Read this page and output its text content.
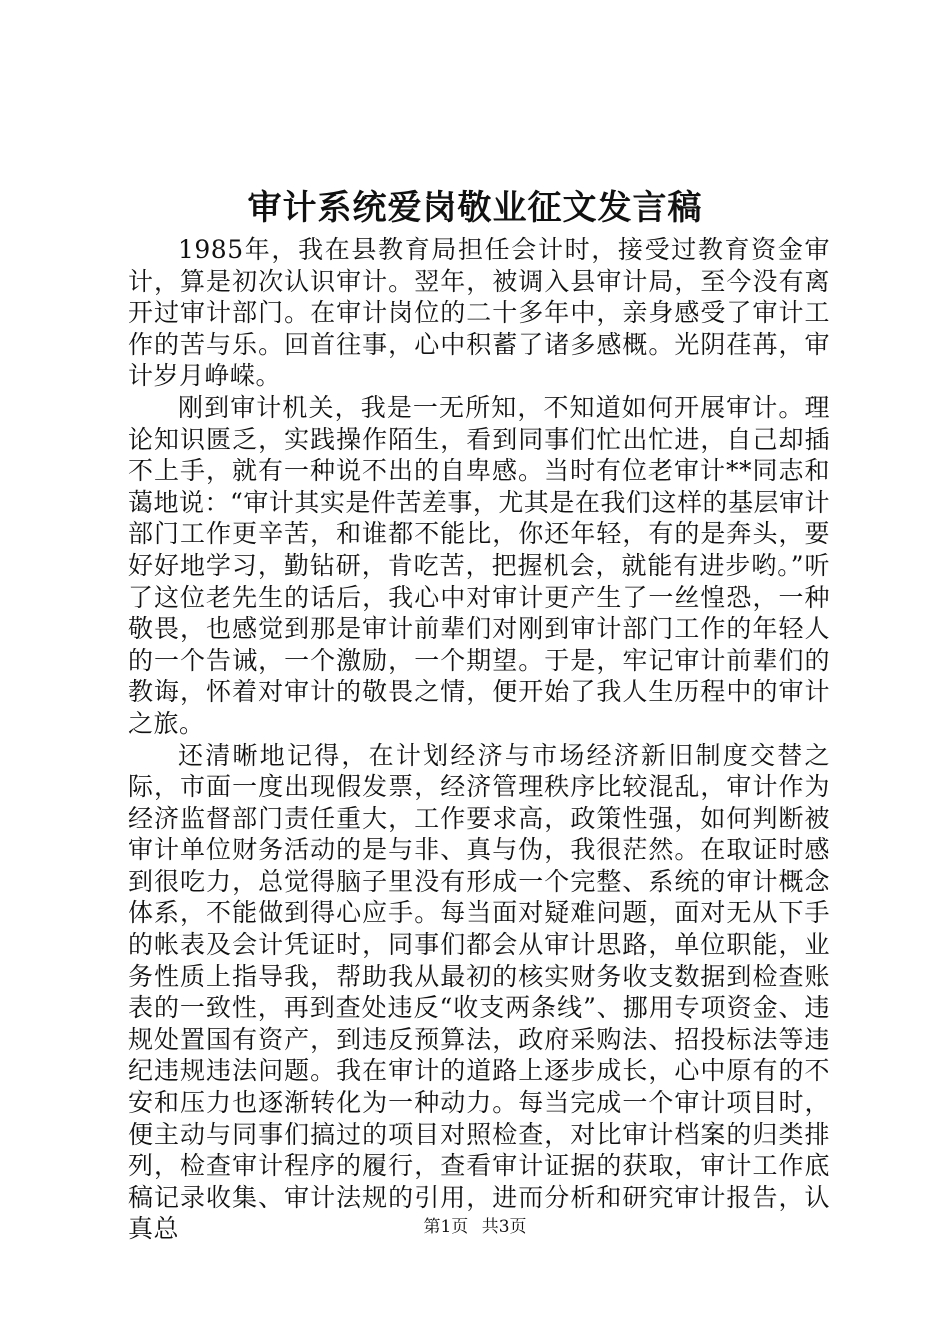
审计系统爱岗敬业征文发言稿

1985年，我在县教育局担任会计时，接受过教育资金审计，算是初次认识审计。翌年，被调入县审计局，至今没有离开过审计部门。在审计岗位的二十多年中，亲身感受了审计工作的苦与乐。回首往事，心中积蓄了诸多感概。光阴荏苒，审计岁月峥嵘。

刚到审计机关，我是一无所知，不知道如何开展审计。理论知识匮乏，实践操作陌生，看到同事们忙出忙进，自己却插不上手，就有一种说不出的自卑感。当时有位老审计**同志和蔼地说：“审计其实是件苦差事，尤其是在我们这样的基层审计部门工作更辛苦，和谁都不能比，你还年轻，有的是奔头，要好好地学习，勤钻研，肯吃苦，把握机会，就能有进步哟。”听了这位老先生的话后，我心中对审计更产生了一丝惶恐，一种敬畏，也感觉到那是审计前辈们对刚到审计部门工作的年轻人的一个告诫，一个激励，一个期望。于是，牢记审计前辈们的教诲，怀着对审计的敬畏之情，便开始了我人生历程中的审计之旅。

还清晰地记得，在计划经济与市场经济新旧制度交替之际，市面一度出现假发票，经济管理秩序比较混乱，审计作为经济监督部门责任重大，工作要求高，政策性强，如何判断被审计单位财务活动的是与非、真与伪，我很茫然。在取证时感到很吃力，总觉得脑子里没有形成一个完整、系统的审计概念体系，不能做到得心应手。每当面对疑难问题，面对无从下手的帐表及会计凭证时，同事们都会从审计思路，单位职能，业务性质上指导我，帮助我从最初的核实财务收支数据到检查账表的一致性，再到查处违反“收支两条线”、挪用专项资金、违规处置国有资产，到违反预算法，政府采购法、招投标法等违纪违规违法问题。我在审计的道路上逐步成长，心中原有的不安和压力也逐渐转化为一种动力。每当完成一个审计项目时，便主动与同事们搞过的项目对照检查，对比审计档案的归类排列，检查审计程序的履行，查看审计证据的获取，审计工作底稿记录收集、审计法规的引用，进而分析和研究审计报告，认真总	第1页 共3页
